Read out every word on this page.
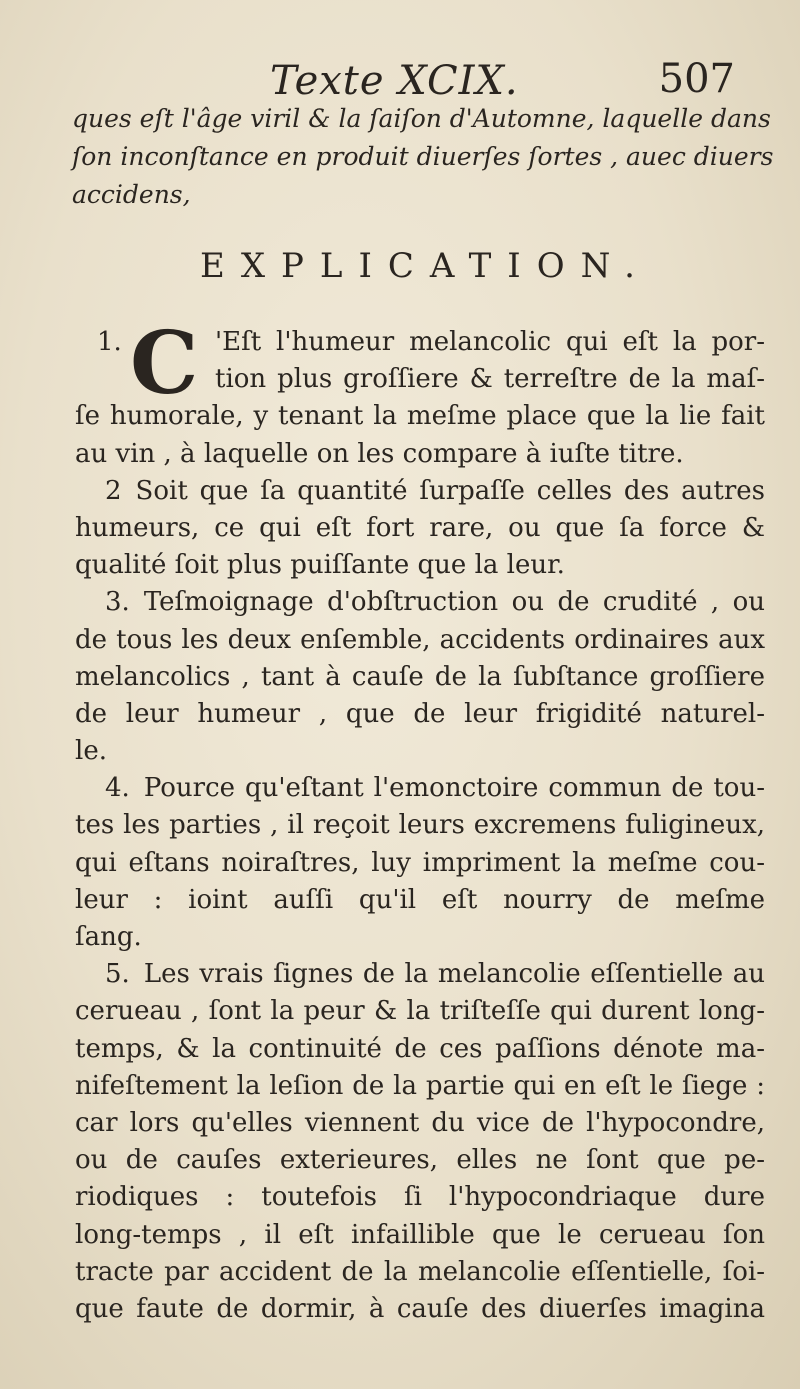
Texte XCIX.	507
ques eſt l'âge viril & la ſaiſon d'Automne, laquelle dans
ſon inconſtance en produit diuerſes ſortes , auec diuers
accidens,
EXPLICATION.
1. C 'Eſt l'humeur melancolic qui eſt la por-
tion plus groſſiere & terreſtre de la maſ-
ſe humorale, y tenant la meſme place que la lie fait
au vin , à laquelle on les compare à iuſte titre.
2 Soit que ſa quantité ſurpaſſe celles des autres
humeurs, ce qui eſt fort rare, ou que ſa force &
qualité ſoit plus puiſſante que la leur.
3. Teſmoignage d'obſtruction ou de crudité , ou
de tous les deux enſemble, accidents ordinaires aux
melancolics , tant à cauſe de la ſubſtance groſſiere
de leur humeur , que de leur frigidité naturel-
le.
4. Pource qu'eſtant l'emonctoire commun de tou-
tes les parties , il reçoit leurs excremens fuligineux,
qui eſtans noiraſtres, luy impriment la meſme cou-
leur : ioint auſſi qu'il eſt nourry de meſme
ſang.
5. Les vrais ſignes de la melancolie eſſentielle au
cerueau , ſont la peur & la triſteſſe qui durent long-
temps, & la continuité de ces paſſions dénote ma-
nifeſtement la leſion de la partie qui en eſt le ſiege :
car lors qu'elles viennent du vice de l'hypocondre,
ou de cauſes exterieures, elles ne ſont que pe-
riodiques : toutefois ſi l'hypocondriaque dure
long-temps , il eſt infaillible que le cerueau ſon
tracte par accident de la melancolie eſſentielle, ſoi-
que faute de dormir, à cauſe des diuerſes imagina
